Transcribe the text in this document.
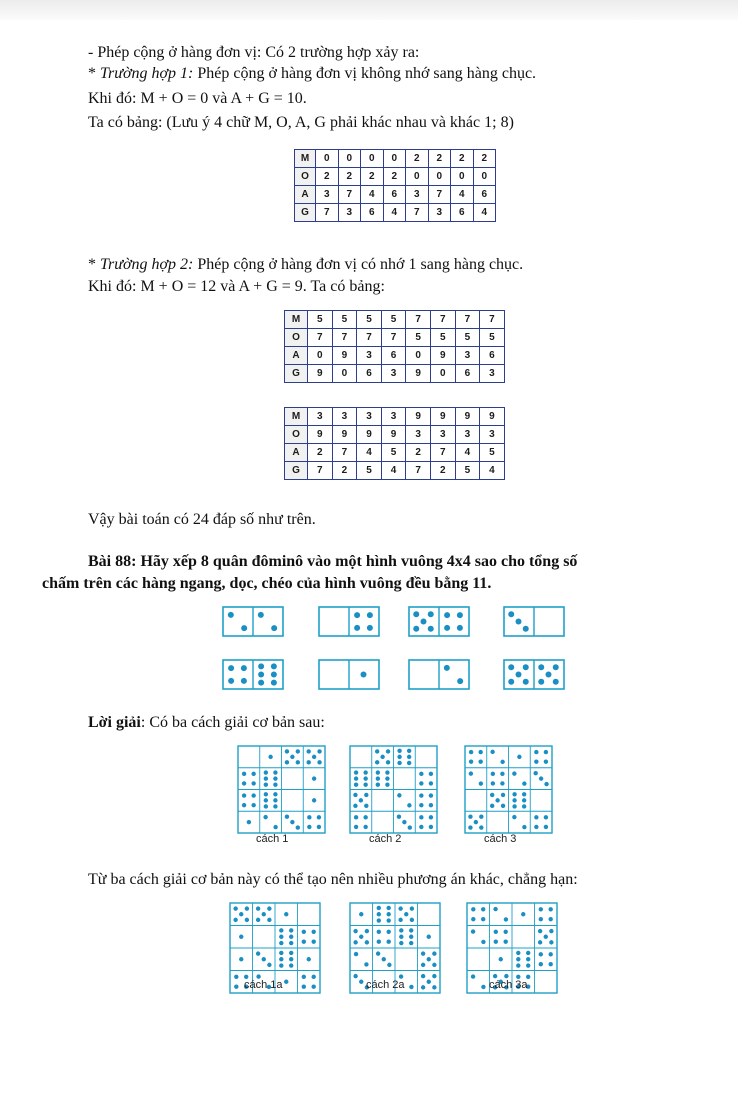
- Phép cộng ở hàng đơn vị: Có 2 trường hợp xảy ra:
* Trường hợp 1: Phép cộng ở hàng đơn vị không nhớ sang hàng chục.
Khi đó: M + O = 0 và A + G = 10.
Ta có bảng: (Lưu ý 4 chữ M, O, A, G phải khác nhau và khác 1; 8)
M	0	0	0	0	2	2	2	2
O	2	2	2	2	0	0	0	0
A	3	7	4	6	3	7	4	6
G	7	3	6	4	7	3	6	4
* Trường hợp 2: Phép cộng ở hàng đơn vị có nhớ 1 sang hàng chục.
Khi đó: M + O = 12 và A + G = 9. Ta có bảng:
M	5	5	5	5	7	7	7	7
O	7	7	7	7	5	5	5	5
A	0	9	3	6	0	9	3	6
G	9	0	6	3	9	0	6	3
M	3	3	3	3	9	9	9	9
O	9	9	9	9	3	3	3	3
A	2	7	4	5	2	7	4	5
G	7	2	5	4	7	2	5	4
Vậy bài toán có 24 đáp số như trên.
Bài 88: Hãy xếp 8 quân đôminô vào một hình vuông 4x4 sao cho tổng số
chấm trên các hàng ngang, dọc, chéo của hình vuông đều bằng 11.
Lời giải: Có ba cách giải cơ bản sau:
cách 1	cách 2	cách 3
Từ ba cách giải cơ bản này có thể tạo nên nhiều phương án khác, chẳng hạn:
cách 1a	cách 2a	cách 3a
